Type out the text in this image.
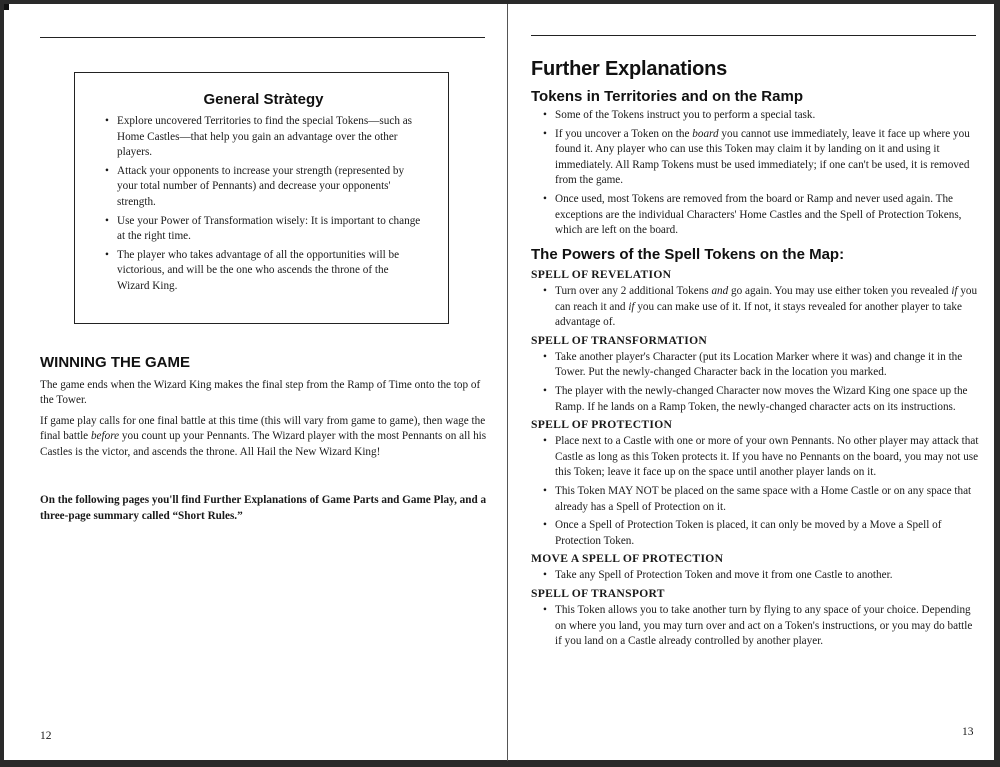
General Stràtegy
• Explore uncovered Territories to find the special Tokens—such as Home Castles—that help you gain an advantage over the other players.
• Attack your opponents to increase your strength (represented by your total number of Pennants) and decrease your opponents' strength.
• Use your Power of Transformation wisely: It is important to change at the right time.
• The player who takes advantage of all the opportunities will be victorious, and will be the one who ascends the throne of the Wizard King.
WINNING THE GAME

The game ends when the Wizard King makes the final step from the Ramp of Time onto the top of the Tower.

If game play calls for one final battle at this time (this will vary from game to game), then wage the final battle before you count up your Pennants. The Wizard player with the most Pennants on all his Castles is the victor, and ascends the throne. All Hail the New Wizard King!

On the following pages you'll find Further Explanations of Game Parts and Game Play, and a three-page summary called “Short Rules.”

12
Further Explanations
Tokens in Territories and on the Ramp
• Some of the Tokens instruct you to perform a special task.
• If you uncover a Token on the board you cannot use immediately, leave it face up where you found it. Any player who can use this Token may claim it by landing on it and using it immediately. All Ramp Tokens must be used immediately; if one can't be used, it is removed from the game.
• Once used, most Tokens are removed from the board or Ramp and never used again. The exceptions are the individual Characters' Home Castles and the Spell of Protection Tokens, which are left on the board.
The Powers of the Spell Tokens on the Map:
SPELL OF REVELATION
• Turn over any 2 additional Tokens and go again. You may use either token you revealed if you can reach it and if you can make use of it. If not, it stays revealed for another player to take advantage of.
SPELL OF TRANSFORMATION
• Take another player's Character (put its Location Marker where it was) and change it in the Tower. Put the newly-changed Character back in the location you marked.
• The player with the newly-changed Character now moves the Wizard King one space up the Ramp. If he lands on a Ramp Token, the newly-changed character acts on its instructions.
SPELL OF PROTECTION
• Place next to a Castle with one or more of your own Pennants. No other player may attack that Castle as long as this Token protects it. If you have no Pennants on the board, you may not use this Token; leave it face up on the space until another player lands on it.
• This Token MAY NOT be placed on the same space with a Home Castle or on any space that already has a Spell of Protection on it.
• Once a Spell of Protection Token is placed, it can only be moved by a Move a Spell of Protection Token.
MOVE A SPELL OF PROTECTION
• Take any Spell of Protection Token and move it from one Castle to another.
SPELL OF TRANSPORT
• This Token allows you to take another turn by flying to any space of your choice. Depending on where you land, you may turn over and act on a Token's instructions, or you may do battle if you land on a Castle already controlled by another player.
13
